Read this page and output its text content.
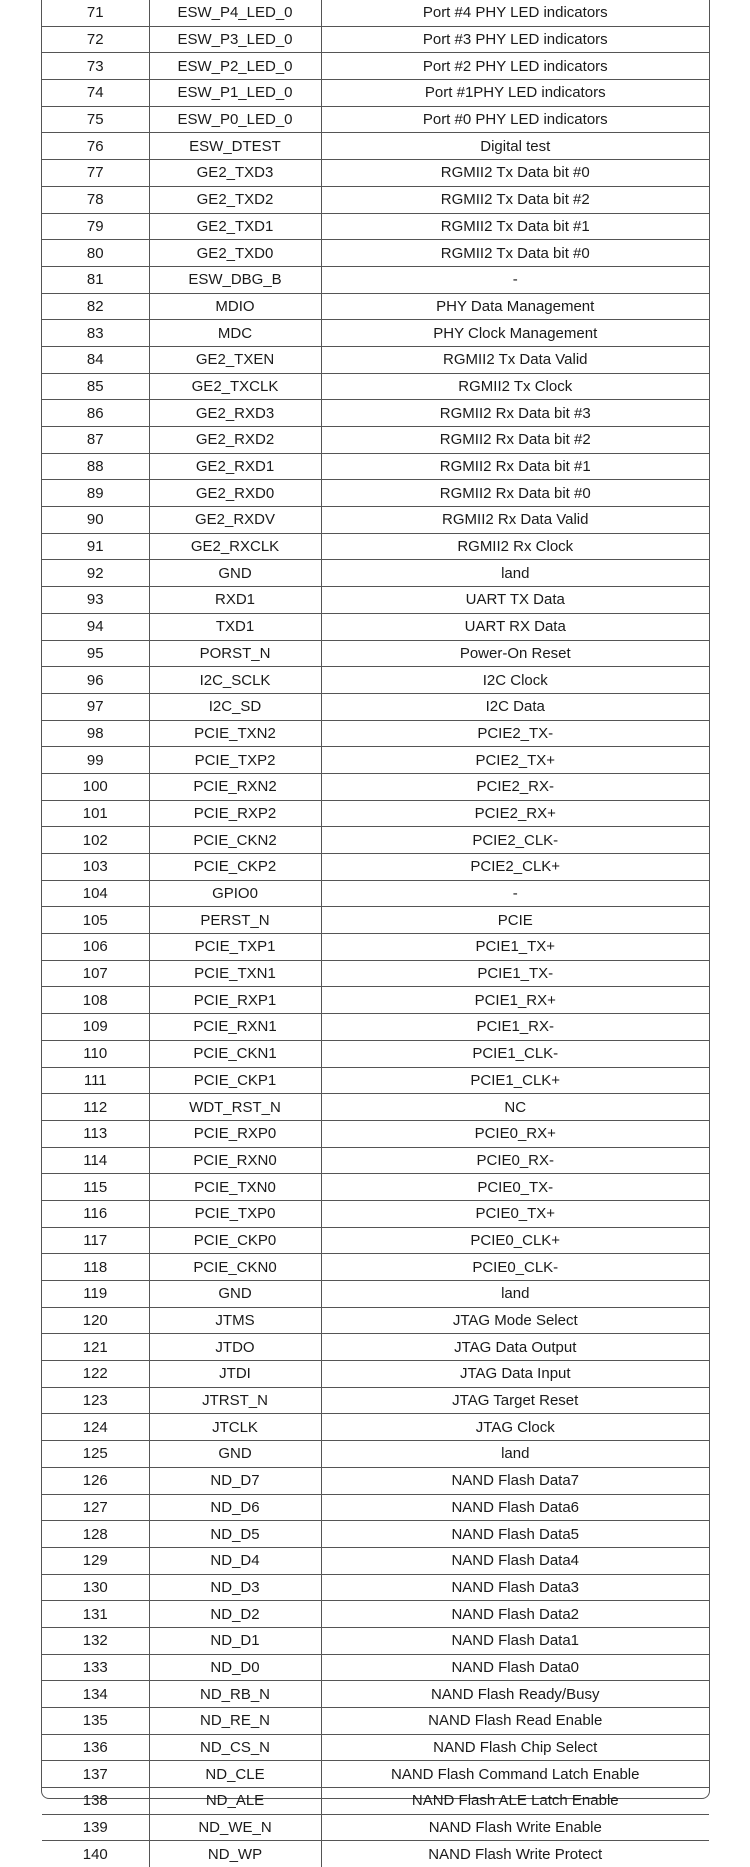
71	ESW_P4_LED_0	Port #4 PHY LED indicators
72	ESW_P3_LED_0	Port #3 PHY LED indicators
73	ESW_P2_LED_0	Port #2 PHY LED indicators
74	ESW_P1_LED_0	Port #1PHY LED indicators
75	ESW_P0_LED_0	Port #0 PHY LED indicators
76	ESW_DTEST	Digital test
77	GE2_TXD3	RGMII2 Tx Data bit #0
78	GE2_TXD2	RGMII2 Tx Data bit #2
79	GE2_TXD1	RGMII2 Tx Data bit #1
80	GE2_TXD0	RGMII2 Tx Data bit #0
81	ESW_DBG_B	-
82	MDIO	PHY Data Management
83	MDC	PHY Clock Management
84	GE2_TXEN	RGMII2 Tx Data Valid
85	GE2_TXCLK	RGMII2 Tx Clock
86	GE2_RXD3	RGMII2 Rx Data bit #3
87	GE2_RXD2	RGMII2 Rx Data bit #2
88	GE2_RXD1	RGMII2 Rx Data bit #1
89	GE2_RXD0	RGMII2 Rx Data bit #0
90	GE2_RXDV	RGMII2 Rx Data Valid
91	GE2_RXCLK	RGMII2 Rx Clock
92	GND	land
93	RXD1	UART TX Data
94	TXD1	UART RX Data
95	PORST_N	Power-On Reset
96	I2C_SCLK	I2C Clock
97	I2C_SD	I2C Data
98	PCIE_TXN2	PCIE2_TX-
99	PCIE_TXP2	PCIE2_TX+
100	PCIE_RXN2	PCIE2_RX-
101	PCIE_RXP2	PCIE2_RX+
102	PCIE_CKN2	PCIE2_CLK-
103	PCIE_CKP2	PCIE2_CLK+
104	GPIO0	-
105	PERST_N	PCIE
106	PCIE_TXP1	PCIE1_TX+
107	PCIE_TXN1	PCIE1_TX-
108	PCIE_RXP1	PCIE1_RX+
109	PCIE_RXN1	PCIE1_RX-
110	PCIE_CKN1	PCIE1_CLK-
111	PCIE_CKP1	PCIE1_CLK+
112	WDT_RST_N	NC
113	PCIE_RXP0	PCIE0_RX+
114	PCIE_RXN0	PCIE0_RX-
115	PCIE_TXN0	PCIE0_TX-
116	PCIE_TXP0	PCIE0_TX+
117	PCIE_CKP0	PCIE0_CLK+
118	PCIE_CKN0	PCIE0_CLK-
119	GND	land
120	JTMS	JTAG Mode Select
121	JTDO	JTAG Data Output
122	JTDI	JTAG Data Input
123	JTRST_N	JTAG Target Reset
124	JTCLK	JTAG Clock
125	GND	land
126	ND_D7	NAND Flash Data7
127	ND_D6	NAND Flash Data6
128	ND_D5	NAND Flash Data5
129	ND_D4	NAND Flash Data4
130	ND_D3	NAND Flash Data3
131	ND_D2	NAND Flash Data2
132	ND_D1	NAND Flash Data1
133	ND_D0	NAND Flash Data0
134	ND_RB_N	NAND Flash Ready/Busy
135	ND_RE_N	NAND Flash Read Enable
136	ND_CS_N	NAND Flash Chip Select
137	ND_CLE	NAND Flash Command Latch Enable
138	ND_ALE	NAND Flash ALE Latch Enable
139	ND_WE_N	NAND Flash Write Enable
140	ND_WP	NAND Flash Write Protect
